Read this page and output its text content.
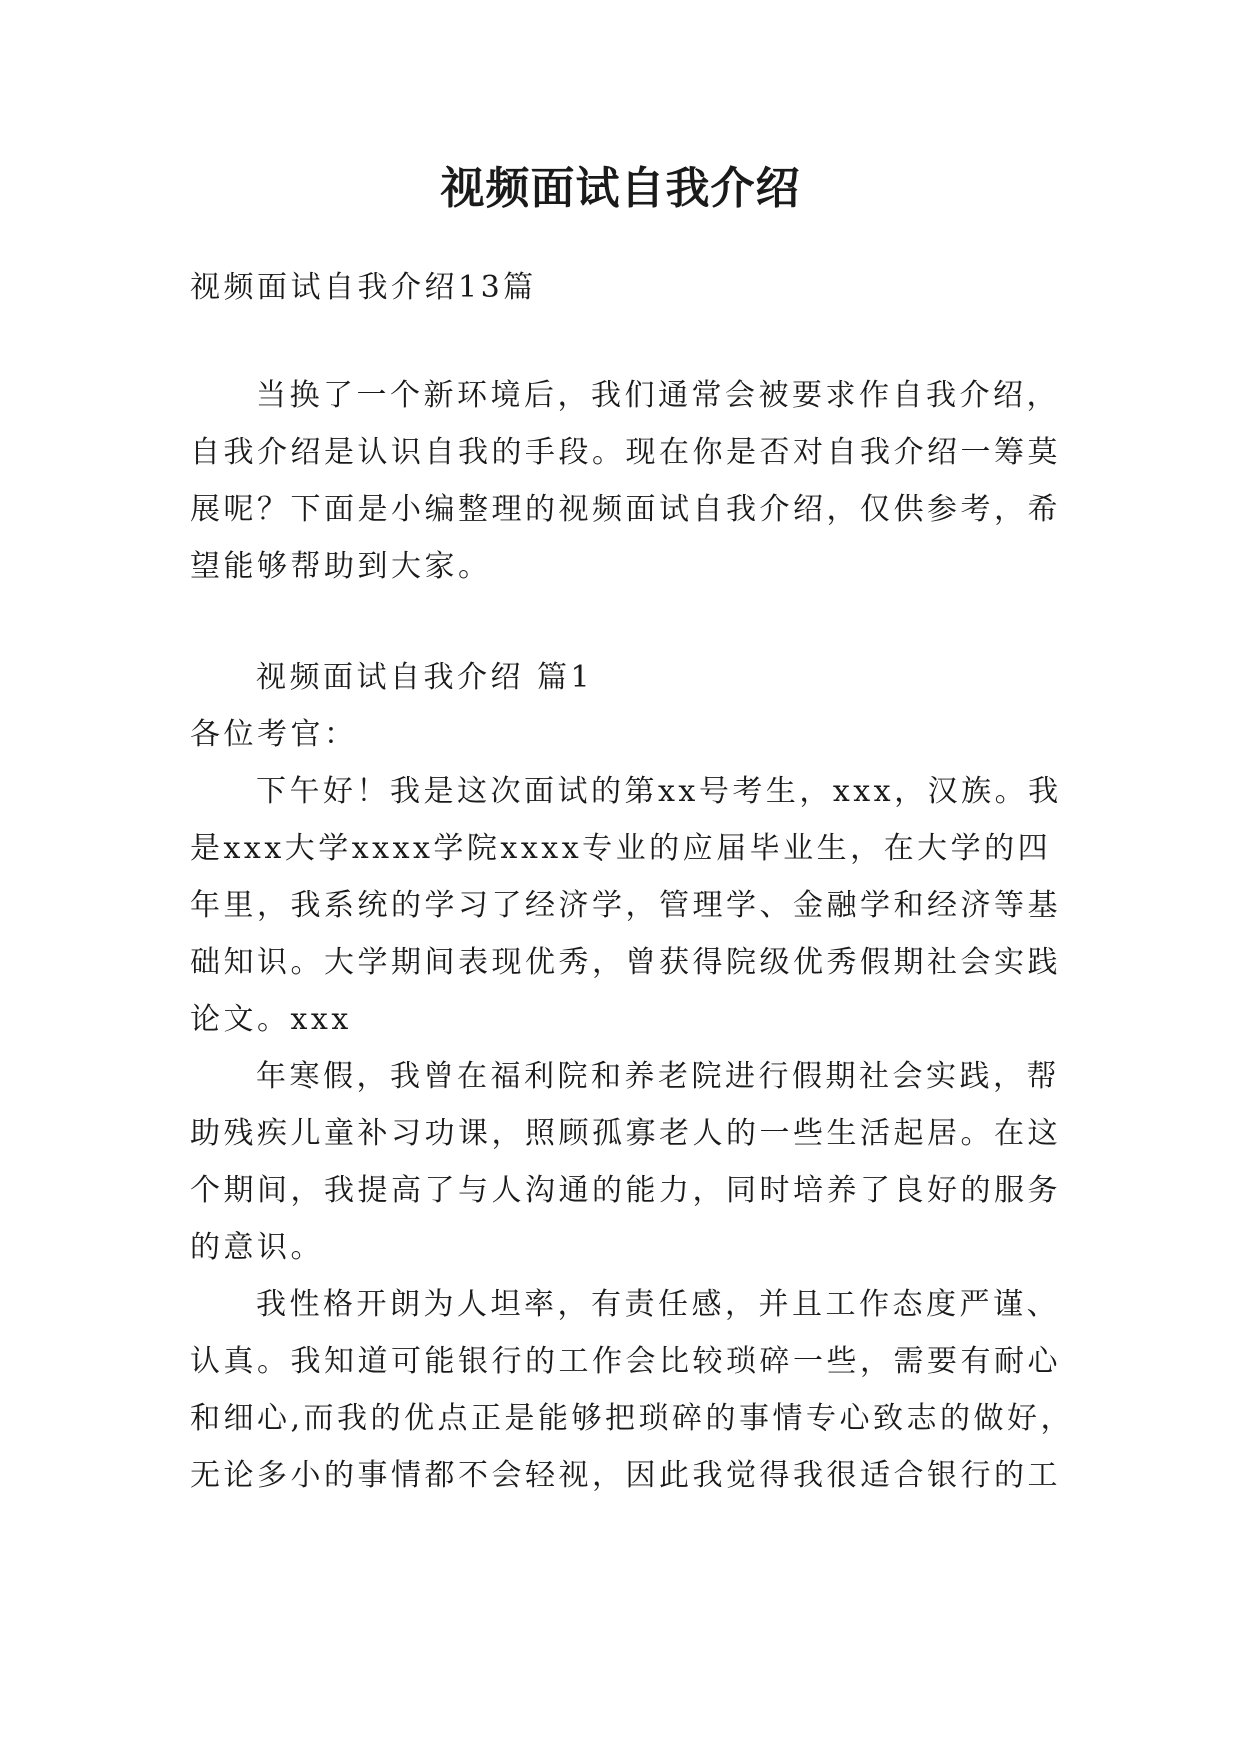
视频面试自我介绍
视频面试自我介绍13篇
当换了一个新环境后，我们通常会被要求作自我介绍，
自我介绍是认识自我的手段。现在你是否对自我介绍一筹莫
展呢？下面是小编整理的视频面试自我介绍，仅供参考，希
望能够帮助到大家。
视频面试自我介绍 篇1
各位考官：
下午好！我是这次面试的第xx号考生，xxx，汉族。我
是xxx大学xxxx学院xxxx专业的应届毕业生，在大学的四
年里，我系统的学习了经济学，管理学、金融学和经济等基
础知识。大学期间表现优秀，曾获得院级优秀假期社会实践
论文。xxx
年寒假，我曾在福利院和养老院进行假期社会实践，帮
助残疾儿童补习功课，照顾孤寡老人的一些生活起居。在这
个期间，我提高了与人沟通的能力，同时培养了良好的服务
的意识。
我性格开朗为人坦率，有责任感，并且工作态度严谨、
认真。我知道可能银行的工作会比较琐碎一些，需要有耐心
和细心,而我的优点正是能够把琐碎的事情专心致志的做好，
无论多小的事情都不会轻视，因此我觉得我很适合银行的工
